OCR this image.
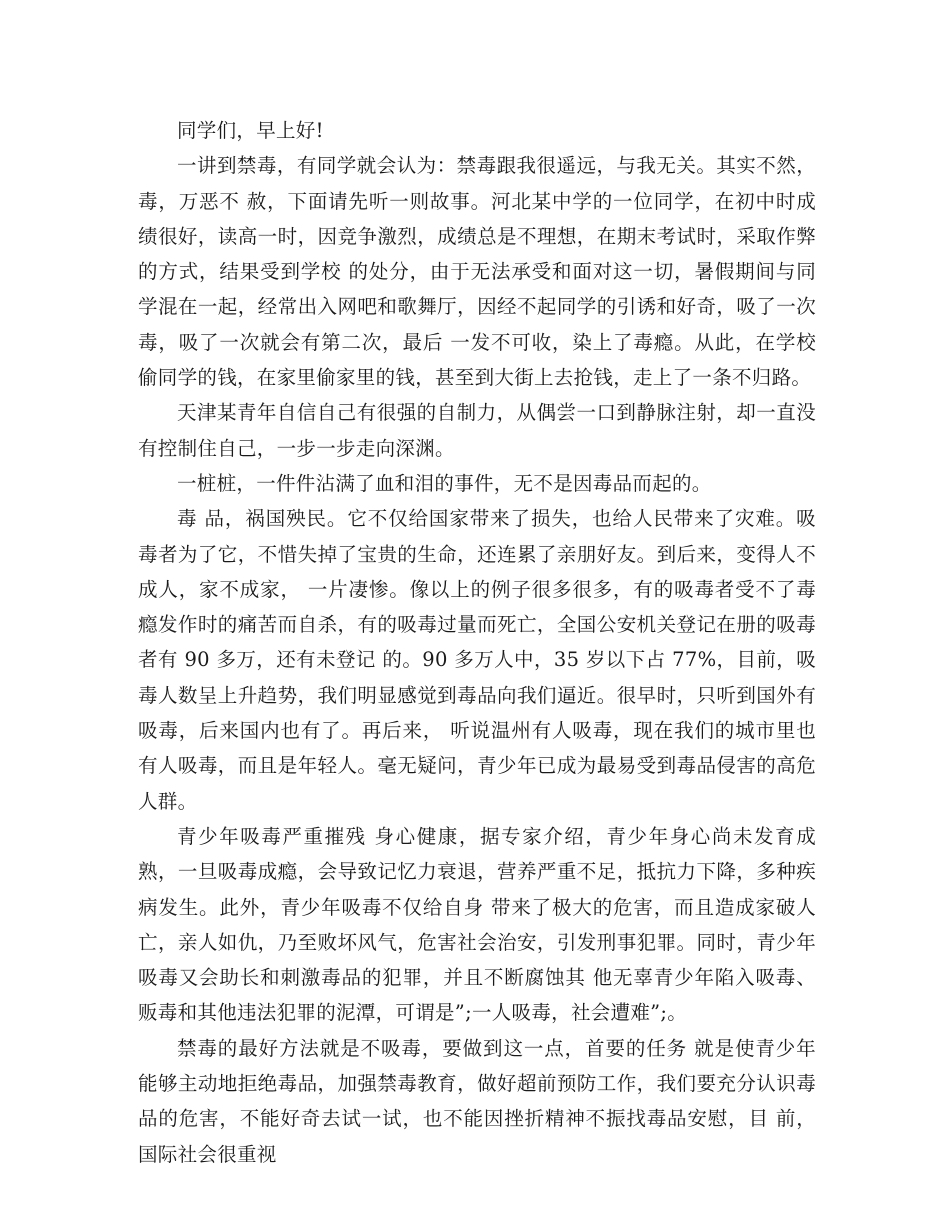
同学们，早上好!

一讲到禁毒，有同学就会认为：禁毒跟我很遥远，与我无关。其实不然，毒，万恶不 赦，下面请先听一则故事。河北某中学的一位同学，在初中时成绩很好，读高一时，因竞争激烈，成绩总是不理想，在期末考试时，采取作弊的方式，结果受到学校 的处分，由于无法承受和面对这一切，暑假期间与同学混在一起，经常出入网吧和歌舞厅，因经不起同学的引诱和好奇，吸了一次毒，吸了一次就会有第二次，最后 一发不可收，染上了毒瘾。从此，在学校偷同学的钱，在家里偷家里的钱，甚至到大街上去抢钱，走上了一条不归路。

天津某青年自信自己有很强的自制力，从偶尝一口到静脉注射，却一直没有控制住自己，一步一步走向深渊。

一桩桩，一件件沾满了血和泪的事件，无不是因毒品而起的。

毒 品，祸国殃民。它不仅给国家带来了损失，也给人民带来了灾难。吸毒者为了它，不惜失掉了宝贵的生命，还连累了亲朋好友。到后来，变得人不成人，家不成家， 一片凄惨。像以上的例子很多很多，有的吸毒者受不了毒瘾发作时的痛苦而自杀，有的吸毒过量而死亡，全国公安机关登记在册的吸毒者有 90 多万，还有未登记 的。90 多万人中，35 岁以下占 77%，目前，吸毒人数呈上升趋势，我们明显感觉到毒品向我们逼近。很早时，只听到国外有吸毒，后来国内也有了。再后来， 听说温州有人吸毒，现在我们的城市里也有人吸毒，而且是年轻人。毫无疑问，青少年已成为最易受到毒品侵害的高危人群。

青少年吸毒严重摧残 身心健康，据专家介绍，青少年身心尚未发育成熟，一旦吸毒成瘾，会导致记忆力衰退，营养严重不足，抵抗力下降，多种疾病发生。此外，青少年吸毒不仅给自身 带来了极大的危害，而且造成家破人亡，亲人如仇，乃至败坏风气，危害社会治安，引发刑事犯罪。同时，青少年吸毒又会助长和刺激毒品的犯罪，并且不断腐蚀其 他无辜青少年陷入吸毒、贩毒和其他违法犯罪的泥潭，可谓是”;一人吸毒，社会遭难”;。

禁毒的最好方法就是不吸毒，要做到这一点，首要的任务 就是使青少年能够主动地拒绝毒品，加强禁毒教育，做好超前预防工作，我们要充分认识毒品的危害，不能好奇去试一试，也不能因挫折精神不振找毒品安慰，目 前，国际社会很重视
